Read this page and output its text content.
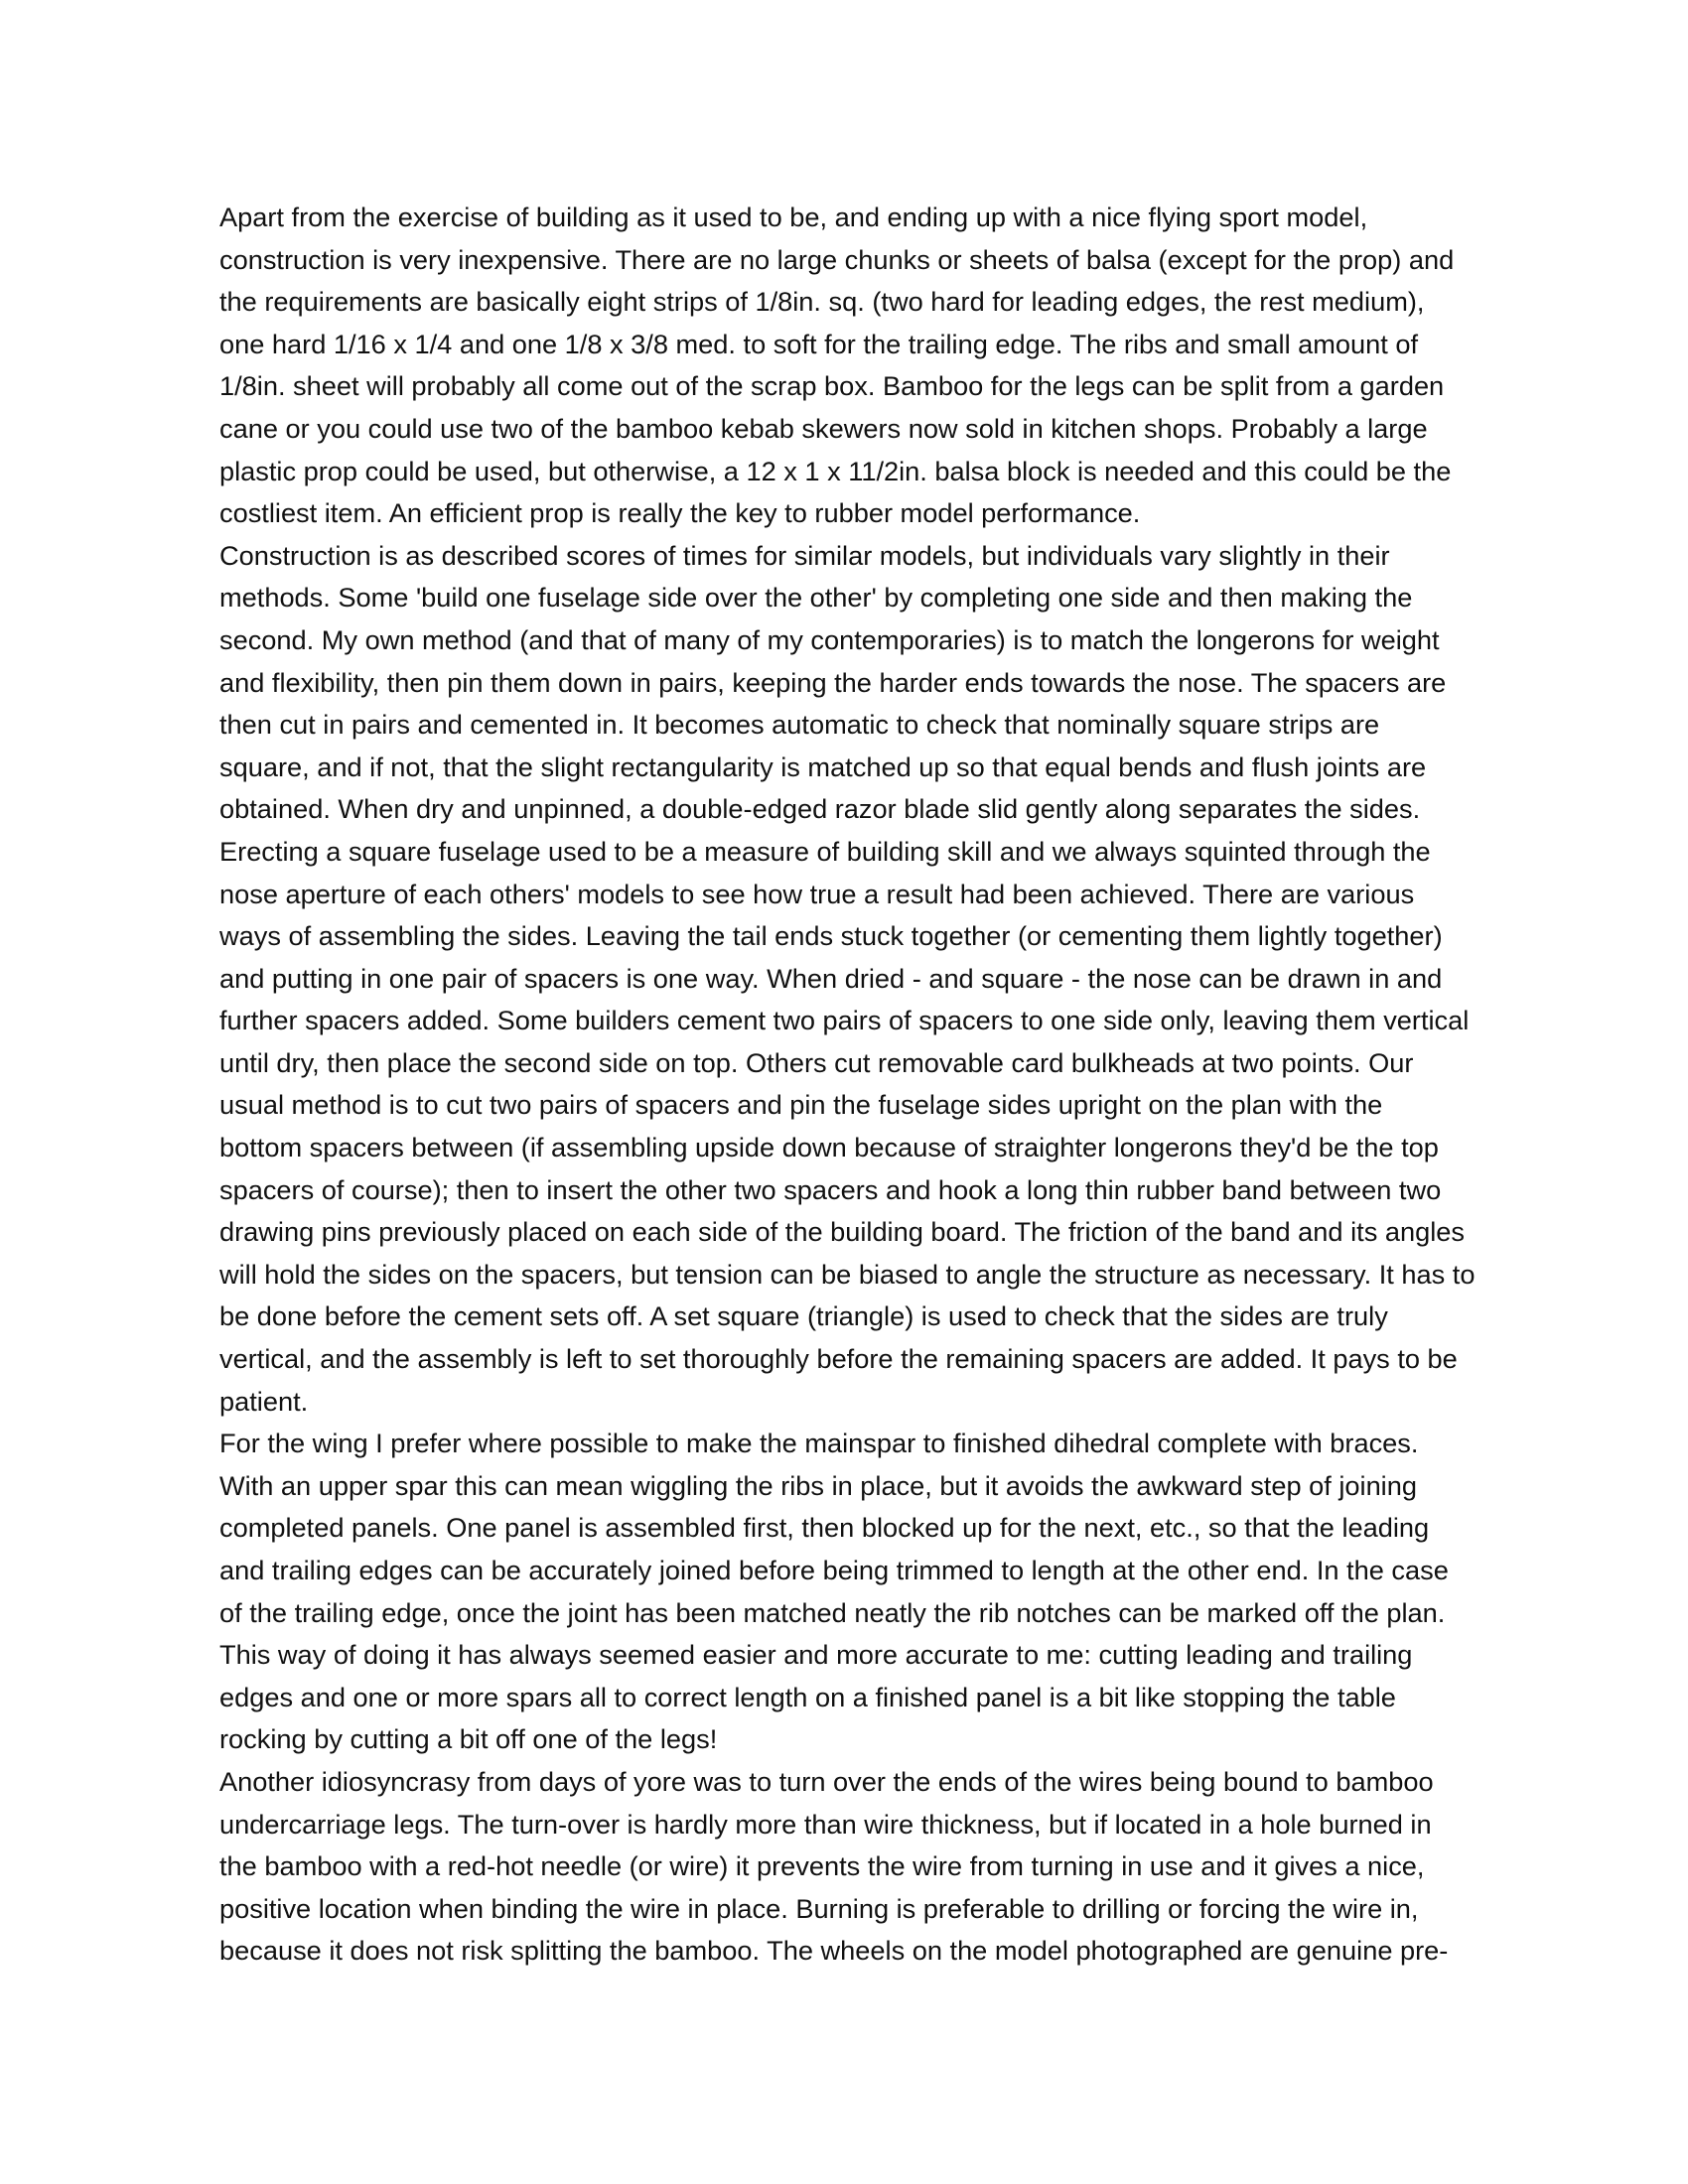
Apart from the exercise of building as it used to be, and ending up with a nice flying sport model,
construction is very inexpensive. There are no large chunks or sheets of balsa (except for the prop) and
the requirements are basically eight strips of 1/8in. sq. (two hard for leading edges, the rest medium),
one hard 1/16 x 1/4 and one 1/8 x 3/8 med. to soft for the trailing edge. The ribs and small amount of
1/8in. sheet will probably all come out of the scrap box. Bamboo for the legs can be split from a garden
cane or you could use two of the bamboo kebab skewers now sold in kitchen shops. Probably a large
plastic prop could be used, but otherwise, a 12 x 1 x 11/2in. balsa block is needed and this could be the
costliest item. An efficient prop is really the key to rubber model performance.

Construction is as described scores of times for similar models, but individuals vary slightly in their
methods. Some 'build one fuselage side over the other' by completing one side and then making the
second. My own method (and that of many of my contemporaries) is to match the longerons for weight
and flexibility, then pin them down in pairs, keeping the harder ends towards the nose. The spacers are
then cut in pairs and cemented in. It becomes automatic to check that nominally square strips are
square, and if not, that the slight rectangularity is matched up so that equal bends and flush joints are
obtained. When dry and unpinned, a double-edged razor blade slid gently along separates the sides.

Erecting a square fuselage used to be a measure of building skill and we always squinted through the
nose aperture of each others' models to see how true a result had been achieved. There are various
ways of assembling the sides. Leaving the tail ends stuck together (or cementing them lightly together)
and putting in one pair of spacers is one way. When dried - and square - the nose can be drawn in and
further spacers added. Some builders cement two pairs of spacers to one side only, leaving them vertical
until dry, then place the second side on top. Others cut removable card bulkheads at two points. Our
usual method is to cut two pairs of spacers and pin the fuselage sides upright on the plan with the
bottom spacers between (if assembling upside down because of straighter longerons they'd be the top
spacers of course); then to insert the other two spacers and hook a long thin rubber band between two
drawing pins previously placed on each side of the building board. The friction of the band and its angles
will hold the sides on the spacers, but tension can be biased to angle the structure as necessary. It has to
be done before the cement sets off. A set square (triangle) is used to check that the sides are truly
vertical, and the assembly is left to set thoroughly before the remaining spacers are added. It pays to be
patient.

For the wing I prefer where possible to make the mainspar to finished dihedral complete with braces.
With an upper spar this can mean wiggling the ribs in place, but it avoids the awkward step of joining
completed panels. One panel is assembled first, then blocked up for the next, etc., so that the leading
and trailing edges can be accurately joined before being trimmed to length at the other end. In the case
of the trailing edge, once the joint has been matched neatly the rib notches can be marked off the plan.
This way of doing it has always seemed easier and more accurate to me: cutting leading and trailing
edges and one or more spars all to correct length on a finished panel is a bit like stopping the table
rocking by cutting a bit off one of the legs!

Another idiosyncrasy from days of yore was to turn over the ends of the wires being bound to bamboo
undercarriage legs. The turn-over is hardly more than wire thickness, but if located in a hole burned in
the bamboo with a red-hot needle (or wire) it prevents the wire from turning in use and it gives a nice,
positive location when binding the wire in place. Burning is preferable to drilling or forcing the wire in,
because it does not risk splitting the bamboo. The wheels on the model photographed are genuine pre-
